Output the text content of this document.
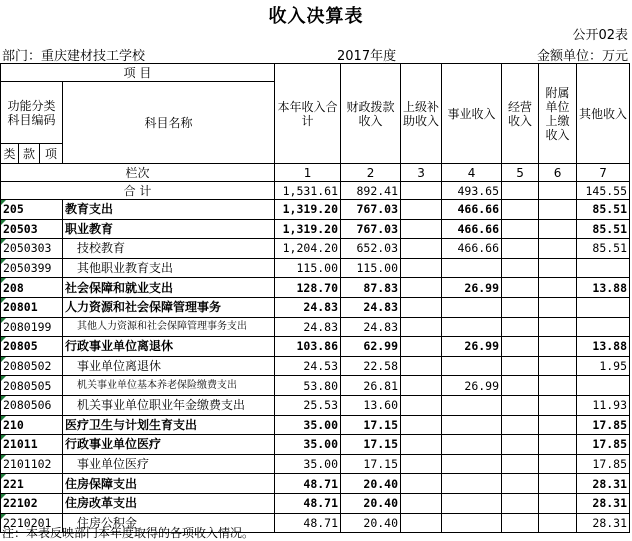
收入决算表
公开02表
部门：重庆建材技工学校	2017年度	金额单位：万元
项 目				本年收入合计	财政拨款收入	上级补助收入	事业收入	经营收入	附属单位上缴收入	其他收入
功能分类科目编码			科目名称							
类	款	项								
栏次				1	2	3	4	5	6	7
合 计				1,531.61	892.41		493.65			145.55
205			教育支出	1,319.20	767.03		466.66			85.51
20503			职业教育	1,319.20	767.03		466.66			85.51
2050303			技校教育	1,204.20	652.03		466.66			85.51
2050399			其他职业教育支出	115.00	115.00					
208			社会保障和就业支出	128.70	87.83		26.99			13.88
20801			人力资源和社会保障管理事务	24.83	24.83					
2080199			其他人力资源和社会保障管理事务支出	24.83	24.83					
20805			行政事业单位离退休	103.86	62.99		26.99			13.88
2080502			事业单位离退休	24.53	22.58					1.95
2080505			机关事业单位基本养老保险缴费支出	53.80	26.81		26.99			
2080506			机关事业单位职业年金缴费支出	25.53	13.60					11.93
210			医疗卫生与计划生育支出	35.00	17.15					17.85
21011			行政事业单位医疗	35.00	17.15					17.85
2101102			事业单位医疗	35.00	17.15					17.85
221			住房保障支出	48.71	20.40					28.31
22102			住房改革支出	48.71	20.40					28.31
2210201			住房公积金	48.71	20.40					28.31
注：本表反映部门本年度取得的各项收入情况。
